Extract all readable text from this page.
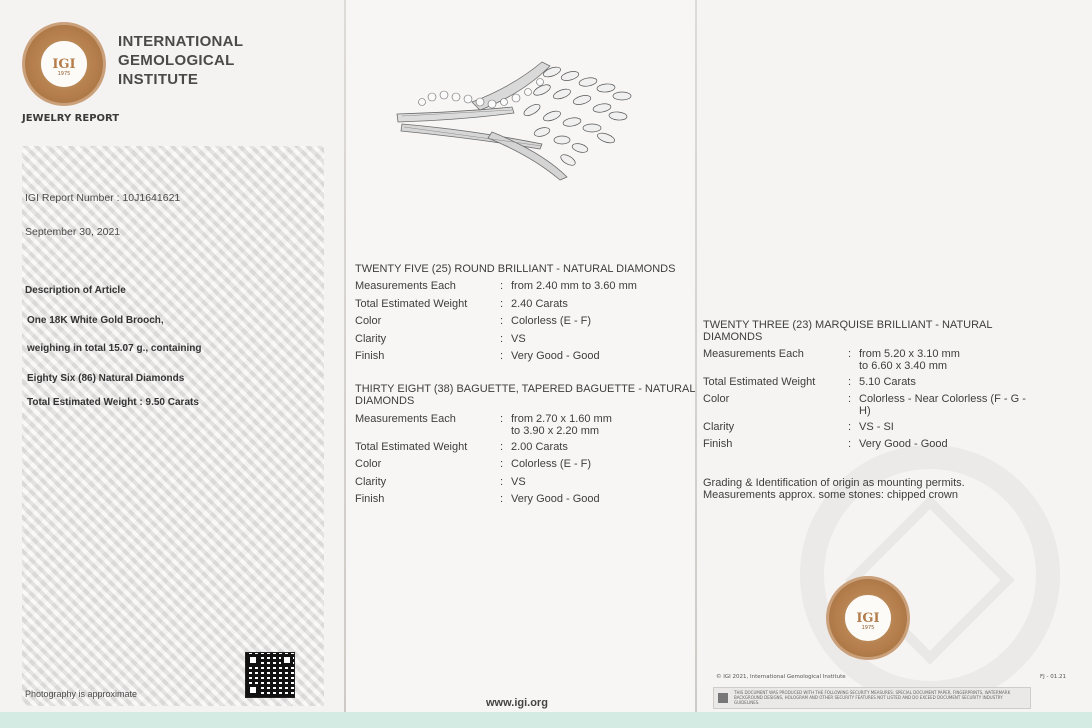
IGI
1975
INTERNATIONAL
GEMOLOGICAL
INSTITUTE
JEWELRY REPORT
IGI Report Number : 10J1641621
September 30, 2021
Description of Article
One 18K White Gold Brooch,
weighing in total 15.07 g., containing
Eighty Six (86) Natural Diamonds
Total Estimated Weight : 9.50 Carats
Photography is approximate
TWENTY FIVE (25) ROUND BRILLIANT - NATURAL DIAMONDS
Measurements Each	: from 2.40 mm to 3.60 mm
Total Estimated Weight	: 2.40 Carats
Color	: Colorless (E - F)
Clarity	: VS
Finish	: Very Good - Good
THIRTY EIGHT (38) BAGUETTE, TAPERED BAGUETTE - NATURAL
DIAMONDS
Measurements Each	: from 2.70 x 1.60 mm
to 3.90 x 2.20 mm
Total Estimated Weight	: 2.00 Carats
Color	: Colorless (E - F)
Clarity	: VS
Finish	: Very Good - Good
www.igi.org
TWENTY THREE (23) MARQUISE BRILLIANT - NATURAL
DIAMONDS
Measurements Each	: from 5.20 x 3.10 mm
to 6.60 x 3.40 mm
Total Estimated Weight	: 5.10 Carats
Color	: Colorless - Near Colorless (F - G -
H)
Clarity	: VS - SI
Finish	: Very Good - Good
Grading & Identification of origin as mounting permits.
Measurements approx. some stones: chipped crown
IGI
1975
© IGI 2021, International Gemological Institute	FJ - 01.21
THIS DOCUMENT WAS PRODUCED WITH THE FOLLOWING SECURITY MEASURES: SPECIAL DOCUMENT PAPER, FINGERPRINTS, WATERMARK BACKGROUND DESIGNS, HOLOGRAM AND OTHER SECURITY FEATURES NOT LISTED AND DO EXCEED DOCUMENT SECURITY INDUSTRY GUIDELINES.
